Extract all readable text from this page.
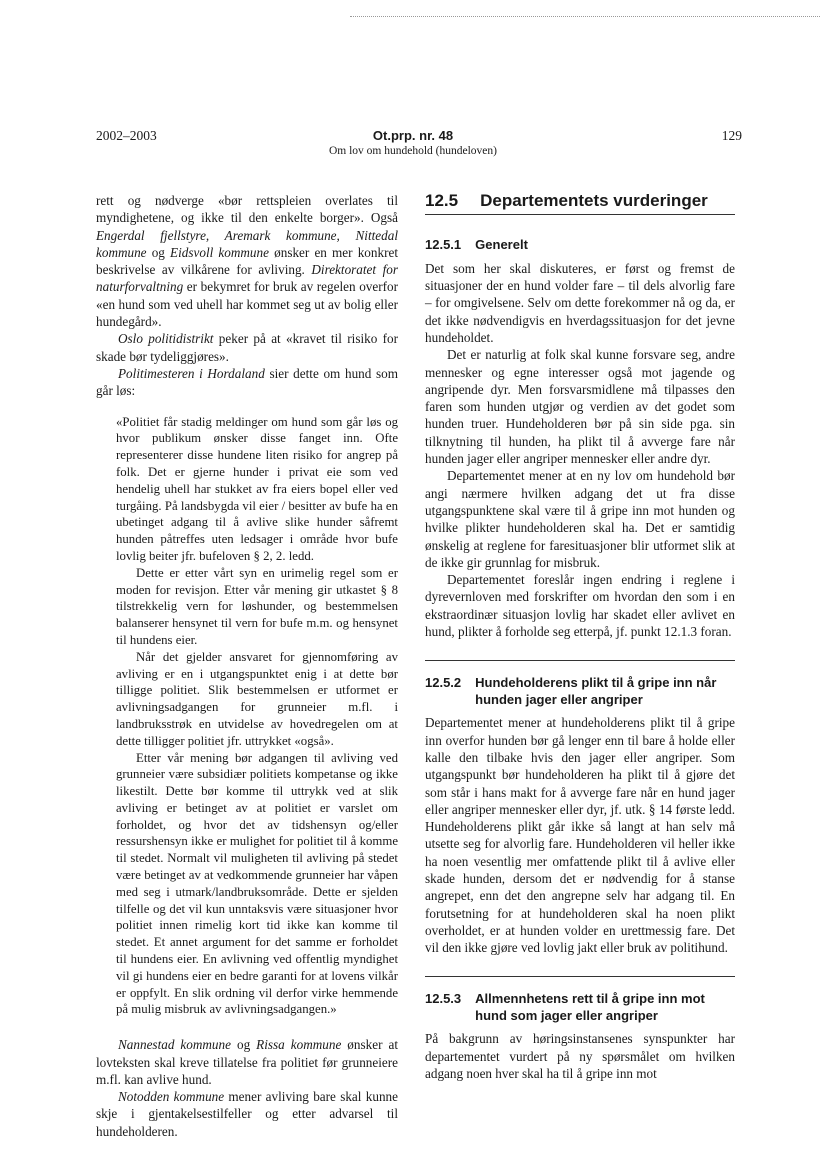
2002–2003	Ot.prp. nr. 48
Om lov om hundehold (hundeloven)
129

rett og nødverge «bør rettspleien overlates til myndighetene, og ikke til den enkelte borger». Også Engerdal fjellstyre, Aremark kommune, Nittedal kommune og Eidsvoll kommune ønsker en mer konkret beskrivelse av vilkårene for avliving. Direktoratet for naturforvaltning er bekymret for bruk av regelen overfor «en hund som ved uhell har kommet seg ut av bolig eller hundegård».

Oslo politidistrikt peker på at «kravet til risiko for skade bør tydeliggjøres».

Politimesteren i Hordaland sier dette om hund som går løs:

«Politiet får stadig meldinger om hund som går løs og hvor publikum ønsker disse fanget inn. Ofte representerer disse hundene liten risiko for angrep på folk. Det er gjerne hunder i privat eie som ved hendelig uhell har stukket av fra eiers bopel eller ved turgåing. På landsbygda vil eier / besitter av bufe ha en ubetinget adgang til å avlive slike hunder såfremt hunden påtreffes uten ledsager i område hvor bufe lovlig beiter jfr. bufeloven § 2, 2. ledd.

Dette er etter vårt syn en urimelig regel som er moden for revisjon. Etter vår mening gir utkastet § 8 tilstrekkelig vern for løshunder, og bestemmelsen balanserer hensynet til vern for bufe m.m. og hensynet til hundens eier.

Når det gjelder ansvaret for gjennomføring av avliving er en i utgangspunktet enig i at dette bør tilligge politiet. Slik bestemmelsen er utformet er avlivningsadgangen for grunneier m.fl. i landbruksstrøk en utvidelse av hovedregelen om at dette tilligger politiet jfr. uttrykket «også».

Etter vår mening bør adgangen til avliving ved grunneier være subsidiær politiets kompetanse og ikke likestilt. Dette bør komme til uttrykk ved at slik avliving er betinget av at politiet er varslet om forholdet, og hvor det av tidshensyn og/eller ressurshensyn ikke er mulighet for politiet til å komme til stedet. Normalt vil muligheten til avliving på stedet være betinget av at vedkommende grunneier har våpen med seg i utmark/landbruksområde. Dette er sjelden tilfelle og det vil kun unntaksvis være situasjoner hvor politiet innen rimelig kort tid ikke kan komme til stedet. Et annet argument for det samme er forholdet til hundens eier. En avlivning ved offentlig myndighet vil gi hundens eier en bedre garanti for at lovens vilkår er oppfylt. En slik ordning vil derfor virke hemmende på mulig misbruk av avlivningsadgangen.»

Nannestad kommune og Rissa kommune ønsker at lovteksten skal kreve tillatelse fra politiet før grunneiere m.fl. kan avlive hund.

Notodden kommune mener avliving bare skal kunne skje i gjentakelsestilfeller og etter advarsel til hundeholderen.

12.5 Departementets vurderinger
12.5.1 Generelt

Det som her skal diskuteres, er først og fremst de situasjoner der en hund volder fare – til dels alvorlig fare – for omgivelsene. Selv om dette forekommer nå og da, er det ikke nødvendigvis en hverdagssituasjon for det jevne hundeholdet.

Det er naturlig at folk skal kunne forsvare seg, andre mennesker og egne interesser også mot jagende og angripende dyr. Men forsvarsmidlene må tilpasses den faren som hunden utgjør og verdien av det godet som hunden truer. Hundeholderen bør på sin side pga. sin tilknytning til hunden, ha plikt til å avverge fare når hunden jager eller angriper mennesker eller andre dyr.

Departementet mener at en ny lov om hundehold bør angi nærmere hvilken adgang det ut fra disse utgangspunktene skal være til å gripe inn mot hunden og hvilke plikter hundeholderen skal ha. Det er samtidig ønskelig at reglene for faresituasjoner blir utformet slik at de ikke gir grunnlag for misbruk.

Departementet foreslår ingen endring i reglene i dyrevernloven med forskrifter om hvordan den som i en ekstraordinær situasjon lovlig har skadet eller avlivet en hund, plikter å forholde seg etterpå, jf. punkt 12.1.3 foran.

12.5.2 Hundeholderens plikt til å gripe inn når hunden jager eller angriper

Departementet mener at hundeholderens plikt til å gripe inn overfor hunden bør gå lenger enn til bare å holde eller kalle den tilbake hvis den jager eller angriper. Som utgangspunkt bør hundeholderen ha plikt til å gjøre det som står i hans makt for å avverge fare når en hund jager eller angriper mennesker eller dyr, jf. utk. § 14 første ledd. Hundeholderens plikt går ikke så langt at han selv må utsette seg for alvorlig fare. Hundeholderen vil heller ikke ha noen vesentlig mer omfattende plikt til å avlive eller skade hunden, dersom det er nødvendig for å stanse angrepet, enn det den angrepne selv har adgang til. En forutsetning for at hundeholderen skal ha noen plikt overholdet, er at hunden volder en urettmessig fare. Det vil den ikke gjøre ved lovlig jakt eller bruk av politihund.

12.5.3 Allmennhetens rett til å gripe inn mot hund som jager eller angriper

På bakgrunn av høringsinstansenes synspunkter har departementet vurdert på ny spørsmålet om hvilken adgang noen hver skal ha til å gripe inn mot
